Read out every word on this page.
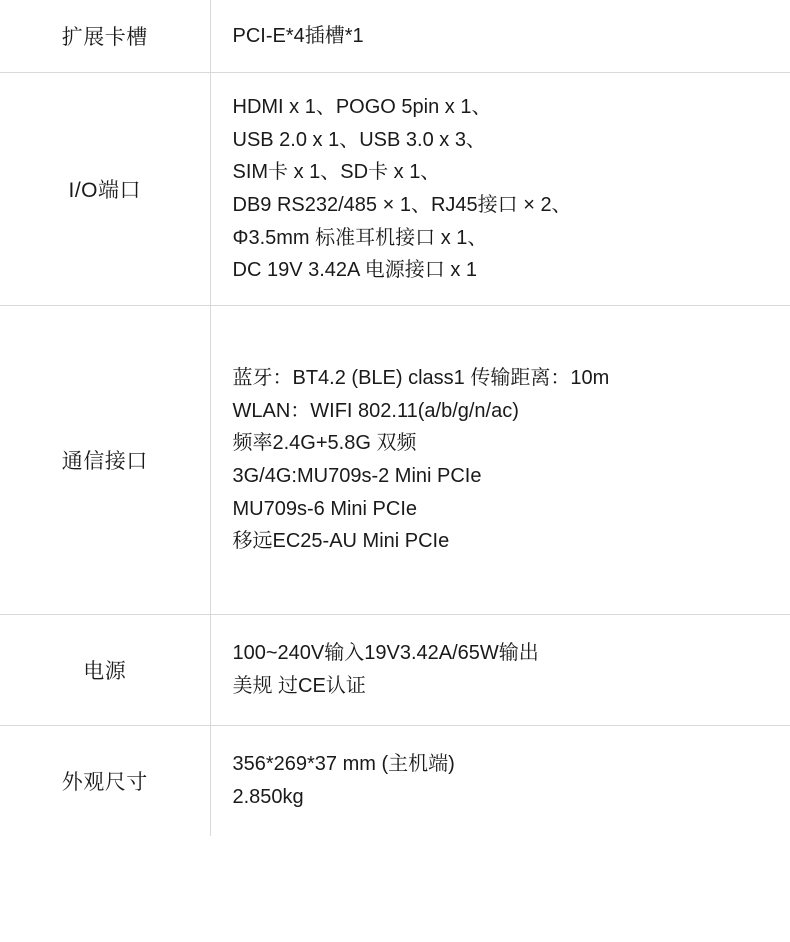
扩展卡槽	PCI-E*4插槽*1

I/O端口	
HDMI x 1、POGO 5pin x 1、
USB 2.0 x 1、USB 3.0 x 3、
SIM卡 x 1、SD卡 x 1、
DB9 RS232/485 × 1、RJ45接口 × 2、
Φ3.5mm 标准耳机接口 x 1、
DC 19V 3.42A 电源接口 x 1

通信接口	
蓝牙：BT4.2 (BLE) class1 传输距离：10m
WLAN：WIFI 802.11(a/b/g/n/ac)
频率2.4G+5.8G 双频
3G/4G:MU709s-2 Mini PCIe
MU709s-6 Mini PCIe
移远EC25-AU Mini PCIe

电源	100~240V输入19V3.42A/65W输出
美规 过CE认证

外观尺寸	356*269*37 mm (主机端)
2.850kg
